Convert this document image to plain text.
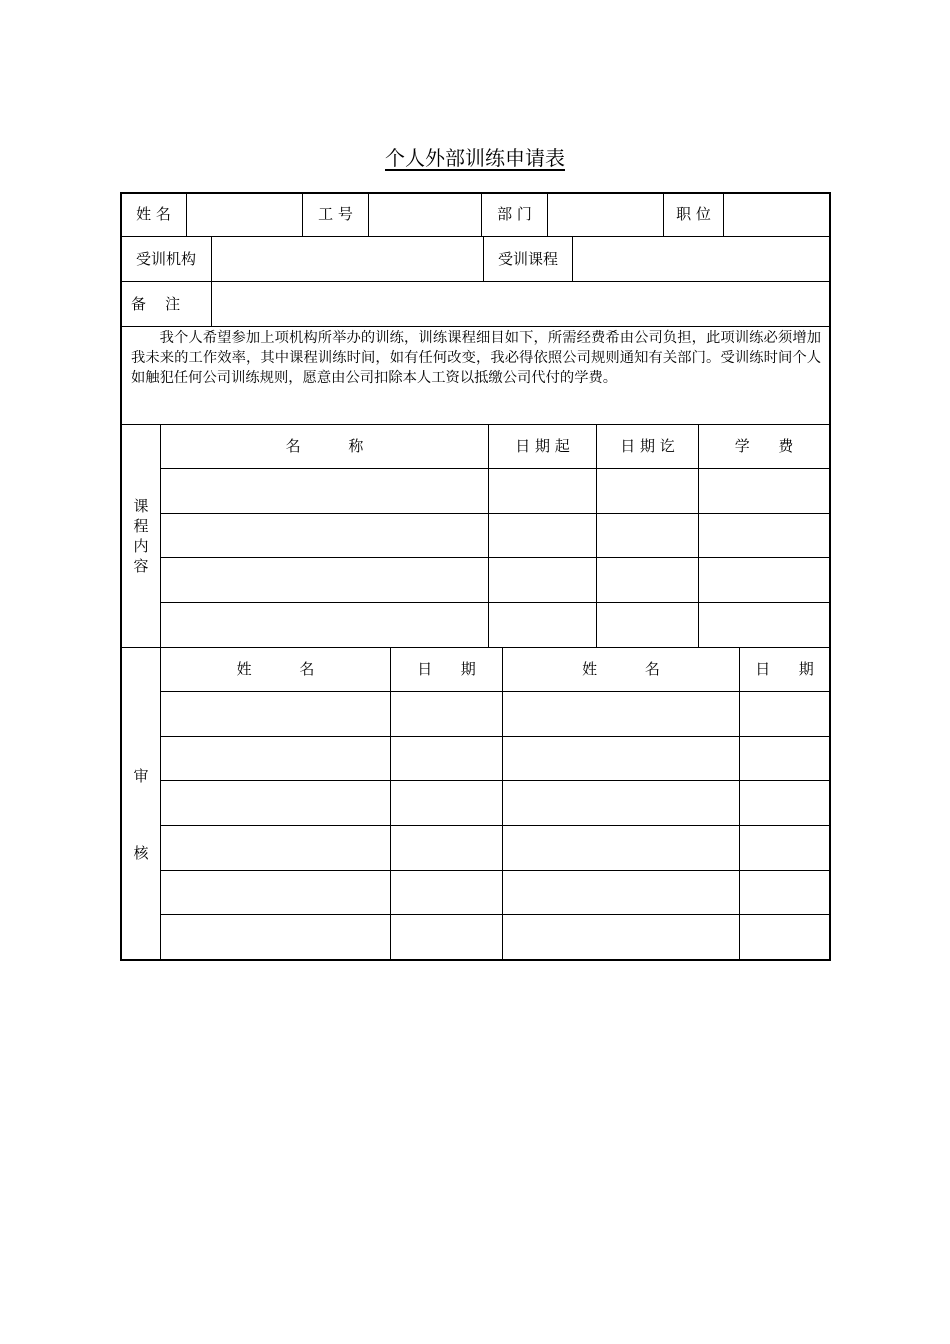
个人外部训练申请表
姓 名	工 号	部 门	职 位
受训机构	受训课程
备    注
我个人希望参加上项机构所举办的训练，训练课程细目如下，所需经费希由公司负担，此项训练必须增加我未来的工作效率，其中课程训练时间，如有任何改变，我必得依照公司规则通知有关部门。受训练时间个人如触犯任何公司训练规则，愿意由公司扣除本人工资以抵缴公司代付的学费。
课
程
内
容
名          称	日 期 起	日 期 讫	学      费
审
核
姓          名	日      期	姓          名	日      期
